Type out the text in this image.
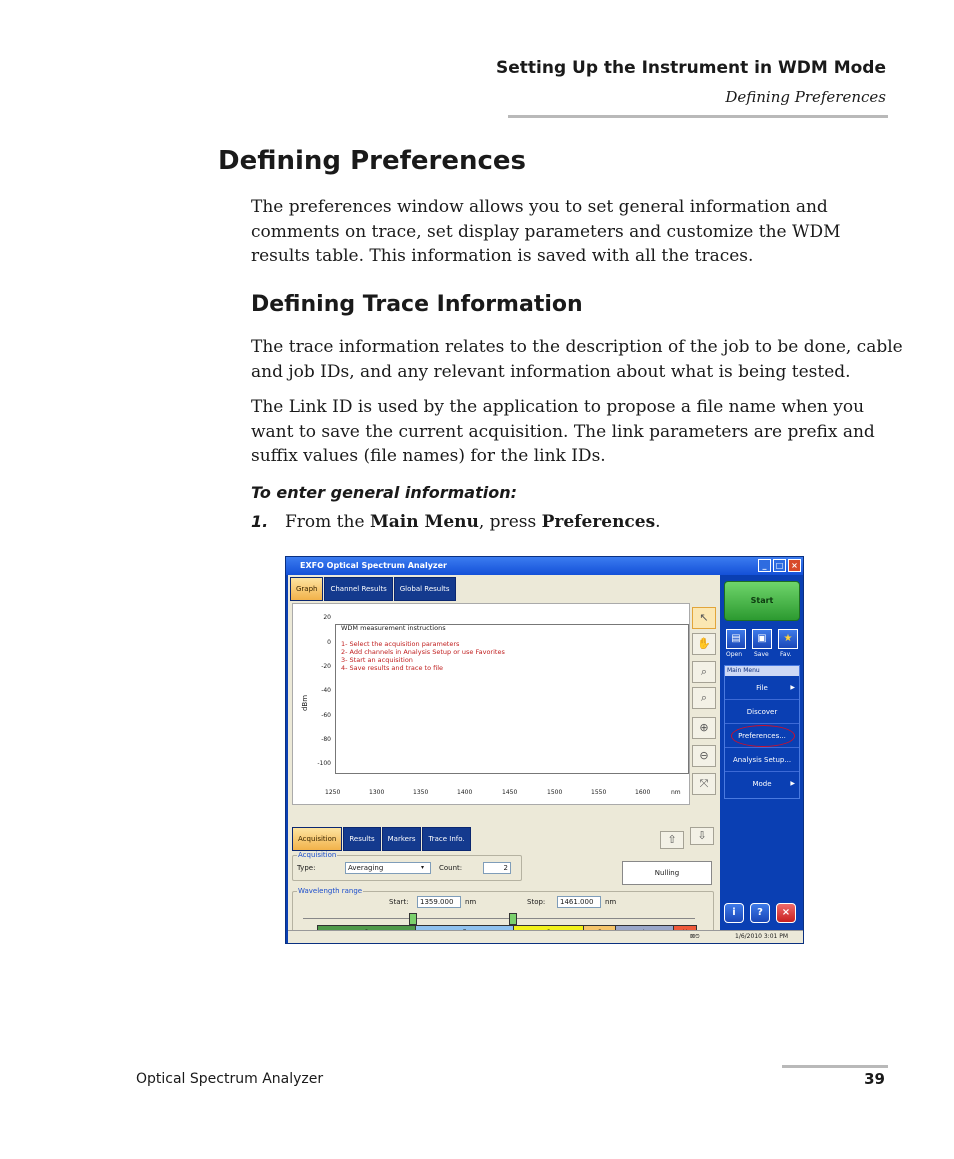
Setting Up the Instrument in WDM Mode
Defining Preferences
Defining Preferences
The preferences window allows you to set general information and
comments on trace, set display parameters and customize the WDM
results table. This information is saved with all the traces.
Defining Trace Information
The trace information relates to the description of the job to be done, cable
and job IDs, and any relevant information about what is being tested.
The Link ID is used by the application to propose a file name when you
want to save the current acquisition. The link parameters are prefix and
suffix values (file names) for the link IDs.
To enter general information:
1. From the Main Menu, press Preferences.
EXFO Optical Spectrum Analyzer	_	□ ×
Graph	Channel Results	Global Results
dBm
20
0
-20
-40
-60
-80
-100
WDM measurement instructions
1- Select the acquisition parameters
2- Add channels in Analysis Setup or use Favorites
3- Start an acquisition
4- Save results and trace to file
1250	1300	1350	1400	1450	1500	1550	1600	nm
↖
✋
⌕
⌕
⊕
⊖
⤧
Acquisition	Results	Markers	Trace Info.	⇧	⇩
Acquisition
Type:	Averaging	▾ Count:	2
Nulling
Wavelength range
Start:	1359.000	nm	Stop:	1461.000	nm
Start
▤	▣	★
Open Save Fav.
Main Menu
File	▶
Discover
Preferences...
Analysis Setup...
Mode	▶
i	?	×
⊠⏲	1/6/2010 3:01 PM
Optical Spectrum Analyzer	39
